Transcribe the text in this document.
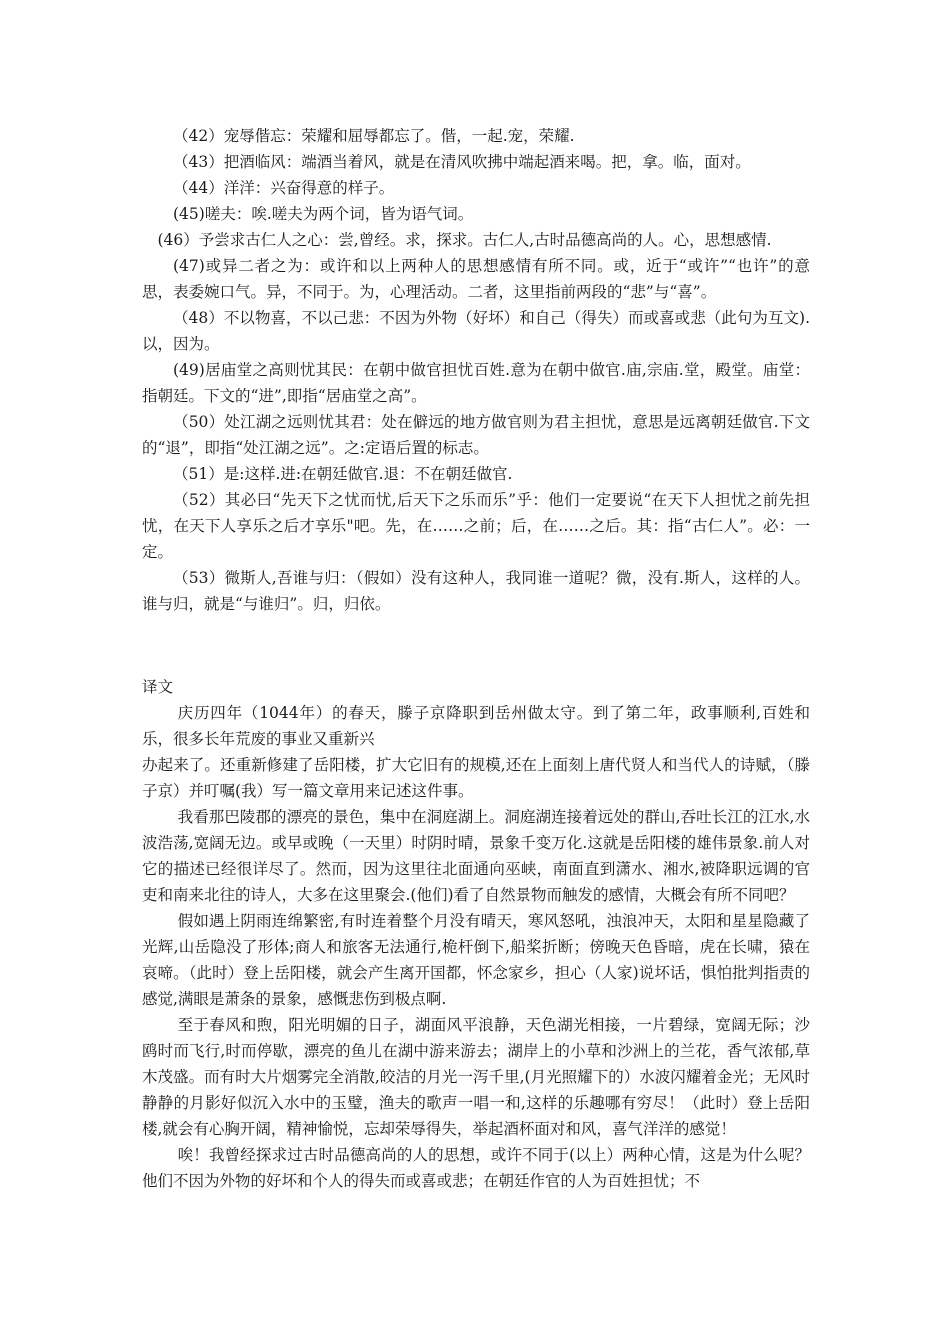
（42）宠辱偕忘：荣耀和屈辱都忘了。偕，一起.宠，荣耀.

（43）把酒临风：端酒当着风，就是在清风吹拂中端起酒来喝。把，拿。临，面对。

（44）洋洋：兴奋得意的样子。

(45)嗟夫：唉.嗟夫为两个词，皆为语气词。

(46）予尝求古仁人之心：尝,曾经。求，探求。古仁人,古时品德高尚的人。心，思想感情.

(47)或异二者之为：或许和以上两种人的思想感情有所不同。或，近于“或许”“也许”的意思，表委婉口气。异，不同于。为，心理活动。二者，这里指前两段的“悲”与“喜”。

（48）不以物喜，不以己悲：不因为外物（好坏）和自己（得失）而或喜或悲（此句为互文).以，因为。

(49)居庙堂之高则忧其民：在朝中做官担忧百姓.意为在朝中做官.庙,宗庙.堂，殿堂。庙堂：指朝廷。下文的“进”,即指“居庙堂之高”。

（50）处江湖之远则忧其君：处在僻远的地方做官则为君主担忧，意思是远离朝廷做官.下文的“退”，即指“处江湖之远”。之:定语后置的标志。

（51）是:这样.进:在朝廷做官.退：不在朝廷做官.

（52）其必曰“先天下之忧而忧,后天下之乐而乐”乎：他们一定要说“在天下人担忧之前先担忧，在天下人享乐之后才享乐"吧。先，在……之前；后，在……之后。其：指“古仁人”。必：一定。

（53）微斯人,吾谁与归：（假如）没有这种人，我同谁一道呢？微，没有.斯人，这样的人。谁与归，就是“与谁归”。归，归依。

译文

庆历四年（1044年）的春天，滕子京降职到岳州做太守。到了第二年，政事顺利,百姓和乐，很多长年荒废的事业又重新兴

办起来了。还重新修建了岳阳楼，扩大它旧有的规模,还在上面刻上唐代贤人和当代人的诗赋，（滕子京）并叮嘱(我）写一篇文章用来记述这件事。

我看那巴陵郡的漂亮的景色，集中在洞庭湖上。洞庭湖连接着远处的群山,吞吐长江的江水,水波浩荡,宽阔无边。或早或晚（一天里）时阴时晴，景象千变万化.这就是岳阳楼的雄伟景象.前人对它的描述已经很详尽了。然而，因为这里往北面通向巫峡，南面直到潇水、湘水,被降职远调的官吏和南来北往的诗人，大多在这里聚会.(他们)看了自然景物而触发的感情，大概会有所不同吧？

假如遇上阴雨连绵繁密,有时连着整个月没有晴天，寒风怒吼，浊浪冲天，太阳和星星隐藏了光辉,山岳隐没了形体;商人和旅客无法通行,桅杆倒下,船桨折断；傍晚天色昏暗，虎在长啸，猿在哀啼。（此时）登上岳阳楼，就会产生离开国都，怀念家乡，担心（人家)说坏话，惧怕批判指责的感觉,满眼是萧条的景象，感慨悲伤到极点啊.

至于春风和煦，阳光明媚的日子，湖面风平浪静，天色湖光相接，一片碧绿，宽阔无际；沙鸥时而飞行,时而停歇，漂亮的鱼儿在湖中游来游去；湖岸上的小草和沙洲上的兰花，香气浓郁,草木茂盛。而有时大片烟雾完全消散,皎洁的月光一泻千里,(月光照耀下的）水波闪耀着金光；无风时静静的月影好似沉入水中的玉璧，渔夫的歌声一唱一和,这样的乐趣哪有穷尽！（此时）登上岳阳楼,就会有心胸开阔，精神愉悦，忘却荣辱得失，举起酒杯面对和风，喜气洋洋的感觉！

唉！我曾经探求过古时品德高尚的人的思想，或许不同于(以上）两种心情，这是为什么呢？他们不因为外物的好坏和个人的得失而或喜或悲；在朝廷作官的人为百姓担忧；不
